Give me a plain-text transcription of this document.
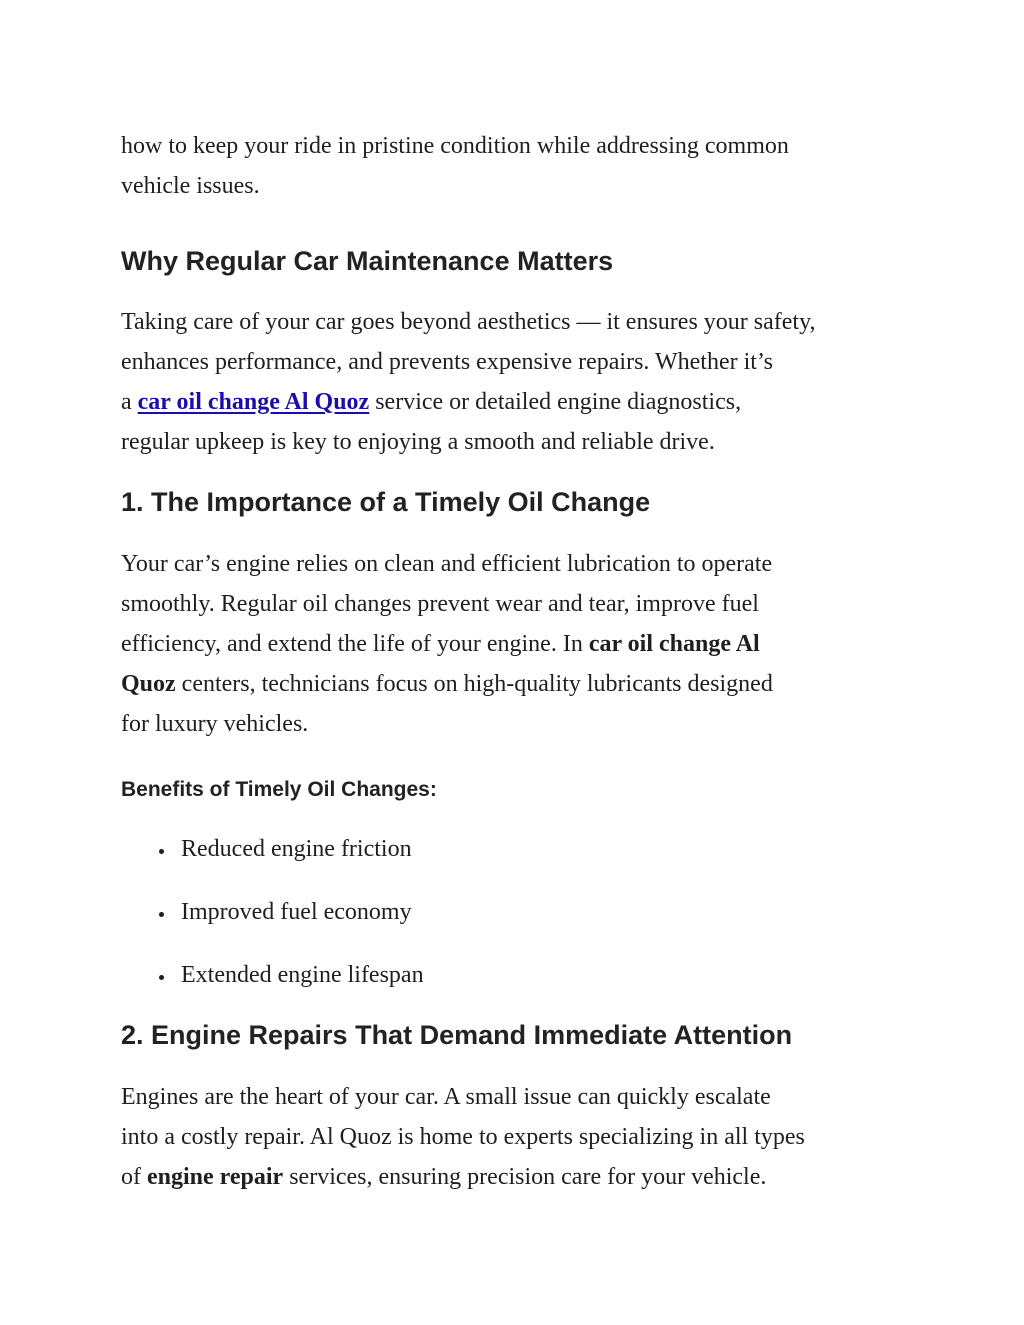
how to keep your ride in pristine condition while addressing common
vehicle issues.

Why Regular Car Maintenance Matters

Taking care of your car goes beyond aesthetics — it ensures your safety,
enhances performance, and prevents expensive repairs. Whether it’s
a car oil change Al Quoz service or detailed engine diagnostics,
regular upkeep is key to enjoying a smooth and reliable drive.

1. The Importance of a Timely Oil Change

Your car’s engine relies on clean and efficient lubrication to operate
smoothly. Regular oil changes prevent wear and tear, improve fuel
efficiency, and extend the life of your engine. In car oil change Al
Quoz centers, technicians focus on high-quality lubricants designed
for luxury vehicles.

Benefits of Timely Oil Changes:
Reduced engine friction
Improved fuel economy
Extended engine lifespan
2. Engine Repairs That Demand Immediate Attention

Engines are the heart of your car. A small issue can quickly escalate
into a costly repair. Al Quoz is home to experts specializing in all types
of engine repair services, ensuring precision care for your vehicle.
